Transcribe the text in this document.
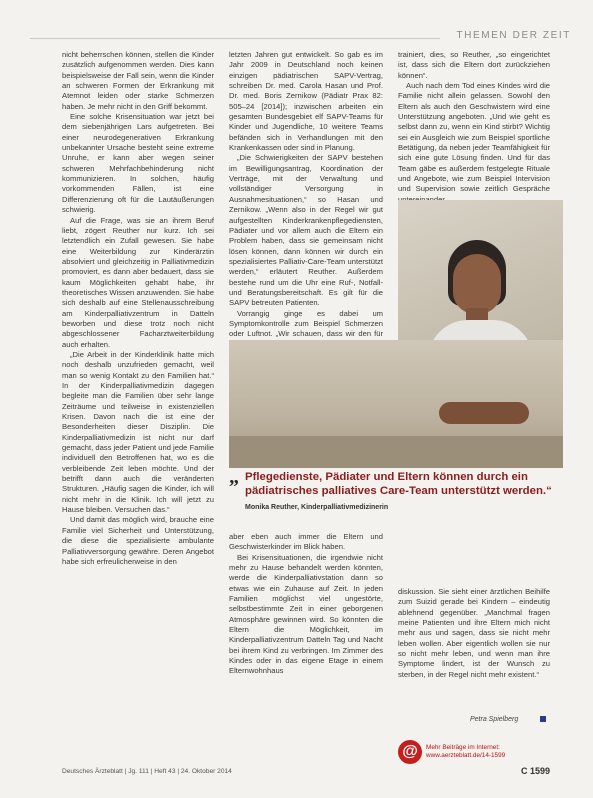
THEMEN DER ZEIT

nicht beherrschen können, stellen die Kinder zusätzlich aufgenommen werden. Dies kann beispielsweise der Fall sein, wenn die Kinder an schweren Formen der Erkrankung mit Atemnot leiden oder starke Schmerzen haben. Je mehr nicht in den Griff bekommt.

Eine solche Krisensituation war jetzt bei dem siebenjährigen Lars aufgetreten. Bei einer neurodegenerativen Erkrankung unbekannter Ursache besteht seine extreme Unruhe, er kann aber wegen seiner schweren Mehrfachbehinderung nicht kommunizieren. In solchen, häufig vorkommenden Fällen, ist eine Differenzierung oft für die Lautäußerungen schwierig.

Auf die Frage, was sie an ihrem Beruf liebt, zögert Reuther nur kurz. Ich sei letztendlich ein Zufall gewesen. Sie habe eine Weiterbildung zur Kinderärztin absolviert und gleichzeitig in Palliativmedizin promoviert, es dann aber bedauert, dass sie kaum Möglichkeiten gehabt habe, ihr theoretisches Wissen anzuwenden. Sie habe sich deshalb auf eine Stellenausschreibung am Kinderpalliativzentrum in Datteln beworben und diese trotz noch nicht abgeschlossener Facharztweiterbildung auch erhalten.

„Die Arbeit in der Kinderklinik hatte mich noch deshalb unzufrieden gemacht, weil man so wenig Kontakt zu den Familien hat.“ In der Kinderpalliativmedizin dagegen begleite man die Familien über sehr lange Zeiträume und teilweise in existenziellen Krisen. Davon nach die ist eine der Besonderheiten dieser Disziplin. Die Kinderpalliativmedizin ist nicht nur darf gemacht, dass jeder Patient und jede Familie individuell den Betroffenen hat, wo es die verbleibende Zeit leben möchte. Und der betrifft dann auch die veränderten Strukturen. „Häufig sagen die Kinder, ich will nicht mehr in die Klinik. Ich will jetzt zu Hause bleiben. Versuchen das.“

Und damit das möglich wird, brauche eine Familie viel Sicherheit und Unterstützung, die diese die spezialisierte ambulante Palliativversorgung gewähre. Deren Angebot habe sich erfreulicherweise in den

letzten Jahren gut entwickelt. So gab es im Jahr 2009 in Deutschland noch keinen einzigen pädiatrischen SAPV-Vertrag, schreiben Dr. med. Carola Hasan und Prof. Dr. med. Boris Zernikow (Pädiatr Prax 82: 505–24 [2014]); inzwischen arbeiten ein gesamten Bundesgebiet elf SAPV-Teams für Kinder und Jugendliche, 10 weitere Teams befänden sich in Verhandlungen mit den Krankenkassen oder sind in Planung.

„Die Schwierigkeiten der SAPV bestehen im Bewilligungsantrag, Koordination der Verträge, mit der Verwaltung und vollständiger Versorgung in Ausnahmesituationen,“ so Hasan und Zernikow. „Wenn also in der Regel wir gut aufgestellten Kinderkrankenpflegediensten, Pädiater und vor allem auch die Eltern ein Problem haben, dass sie gemeinsam nicht lösen können, dann können wir durch ein spezialisiertes Palliativ-Care-Team unterstützt werden,“ erläutert Reuther. Außerdem bestehe rund um die Uhr eine Ruf-, Notfall- und Beratungsbereitschaft. Es gilt für die SAPV betreuten Patienten.

Vorrangig ginge es dabei um Symptomkontrolle zum Beispiel Schmerzen oder Luftnot. „Wir schauen, dass wir den für

trainiert, dies, so Reuther, „so eingerichtet ist, dass sich die Eltern dort zurückziehen können“.

Auch nach dem Tod eines Kindes wird die Familie nicht allein gelassen. Sowohl den Eltern als auch den Geschwistern wird eine Unterstützung angeboten. „Und wie geht es selbst dann zu, wenn ein Kind stirbt? Wichtig sei ein Ausgleich wie zum Beispiel sportliche Betätigung, da neben jeder Teamfähigkeit für sich eine gute Lösung finden. Und für das Team gäbe es außerdem festgelegte Rituale und Angebote, wie zum Beispiel Intervision und Supervision sowie zeitlich Gespräche

„ Pflegedienste, Pädiater und Eltern können durch ein pädiatrisches palliatives Care-Team unterstützt werden.“
Monika Reuther, Kinderpalliativmedizinerin

aber eben auch immer die Eltern und Geschwisterkinder im Blick haben.

Bei Krisensituationen, die irgendwie nicht mehr zu Hause behandelt werden könnten, werde die Kinderpalliativstation dann so etwas wie ein Zuhause auf Zeit. In jeden Familien möglichst viel ungestörte, selbstbestimmte Zeit in einer geborgenen Atmosphäre gewinnen wird. So könnten die Eltern die Möglichkeit, im Kinderpalliativzentrum Datteln Tag und Nacht bei ihrem Kind zu verbringen. Im Zimmer des Kindes oder in das eigene Etage in einem Elternwohnhaus

diskussion. Sie sieht einer ärztlichen Beihilfe zum Suizid gerade bei Kindern – eindeutig ablehnend gegenüber. „Manchmal fragen meine Patienten und ihre Eltern mich nicht mehr aus und sagen, dass sie nicht mehr leben wollen. Aber eigentlich wollen sie nur so nicht mehr leben, und wenn man ihre Symptome lindert, ist der Wunsch zu sterben, in der Regel nicht mehr existent.“

Petra Spielberg
@	Mehr Beiträge im Internet:
www.aerzteblatt.de/14-1599
Deutsches Ärzteblatt | Jg. 111 | Heft 43 | 24. Oktober 2014	C 1599
